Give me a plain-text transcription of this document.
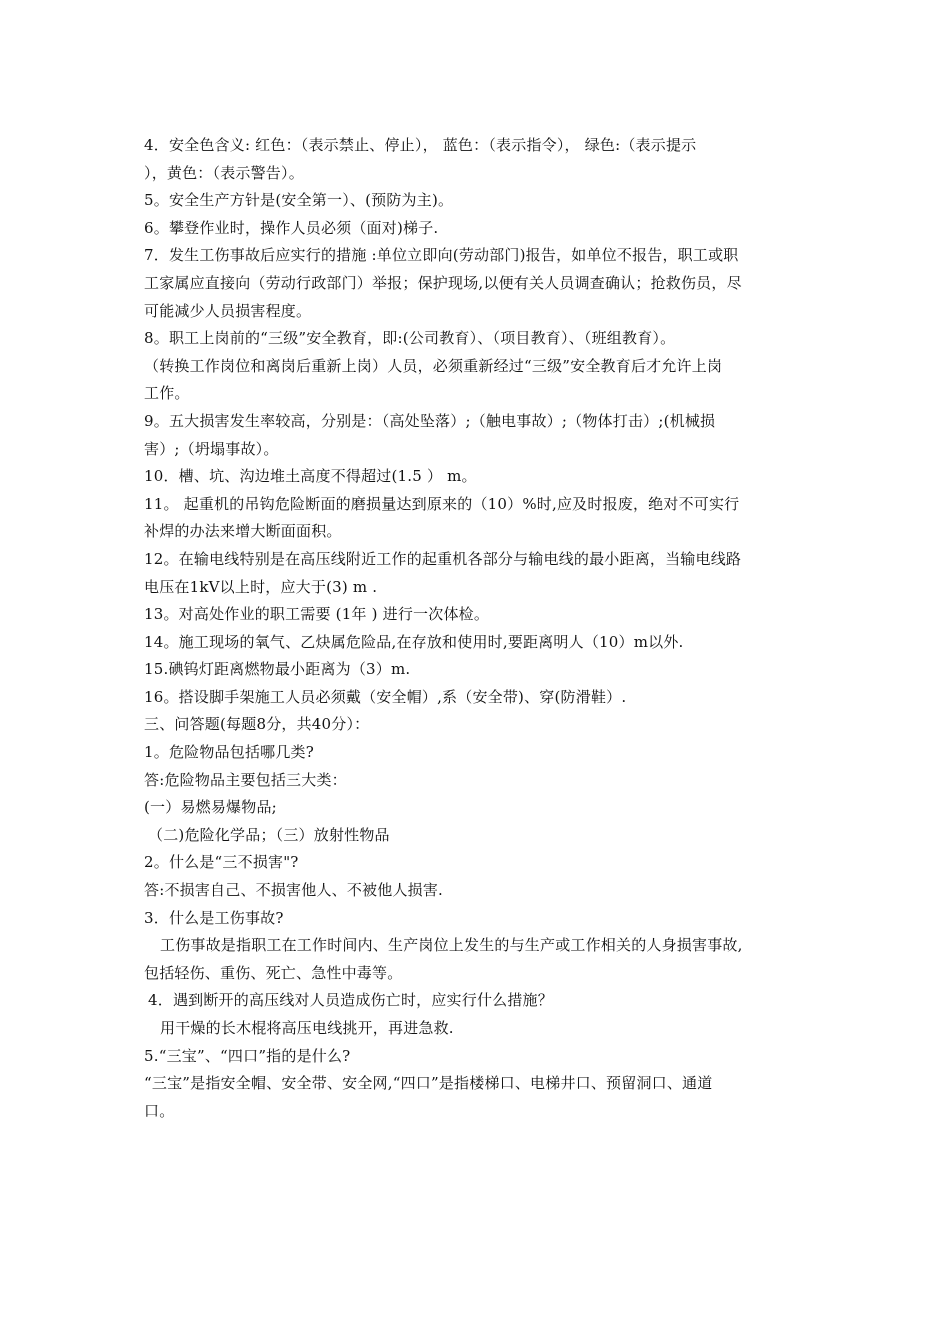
4．安全色含义: 红色：（表示禁止、停止）， 蓝色：（表示指令）， 绿色:（表示提示
），黄色：（表示警告）。
5。安全生产方针是(安全第一）、(预防为主)。
6。攀登作业时，操作人员必须（面对)梯子.
7．发生工伤事故后应实行的措施 :单位立即向(劳动部门)报告，如单位不报告，职工或职
工家属应直接向（劳动行政部门）举报；保护现场,以便有关人员调查确认；抢救伤员，尽
可能减少人员损害程度。
8。职工上岗前的“三级”安全教育，即:(公司教育）、（项目教育）、（班组教育）。
（转换工作岗位和离岗后重新上岗）人员，必须重新经过“三级”安全教育后才允许上岗
工作。
9。五大损害发生率较高，分别是：（高处坠落）;（触电事故）;（物体打击）;(机械损
害）;（坍塌事故）。
10．槽、坑、沟边堆土高度不得超过(1.5 ） m。
11。 起重机的吊钩危险断面的磨损量达到原来的（10）%时,应及时报废，绝对不可实行
补焊的办法来增大断面面积。
12。在输电线特别是在高压线附近工作的起重机各部分与输电线的最小距离，当输电线路
电压在1kV以上时，应大于(3) m .
13。对高处作业的职工需要 (1年 ) 进行一次体检。
14。施工现场的氧气、乙炔属危险品,在存放和使用时,要距离明人（10）m以外.
15.碘钨灯距离燃物最小距离为（3）m.
16。搭设脚手架施工人员必须戴（安全帽）,系（安全带)、穿(防滑鞋）.
三、问答题(每题8分，共40分）：
1。危险物品包括哪几类?
答:危险物品主要包括三大类：
(一）易燃易爆物品;
（二)危险化学品；（三）放射性物品
2。什么是“三不损害"?
答:不损害自己、不损害他人、不被他人损害.
3．什么是工伤事故?
工伤事故是指职工在工作时间内、生产岗位上发生的与生产或工作相关的人身损害事故,
包括轻伤、重伤、死亡、急性中毒等。
4．遇到断开的高压线对人员造成伤亡时，应实行什么措施？
用干燥的长木棍将高压电线挑开，再进急救.
5.“三宝”、“四口”指的是什么?
“三宝”是指安全帽、安全带、安全网,“四口”是指楼梯口、电梯井口、预留洞口、通道
口。
